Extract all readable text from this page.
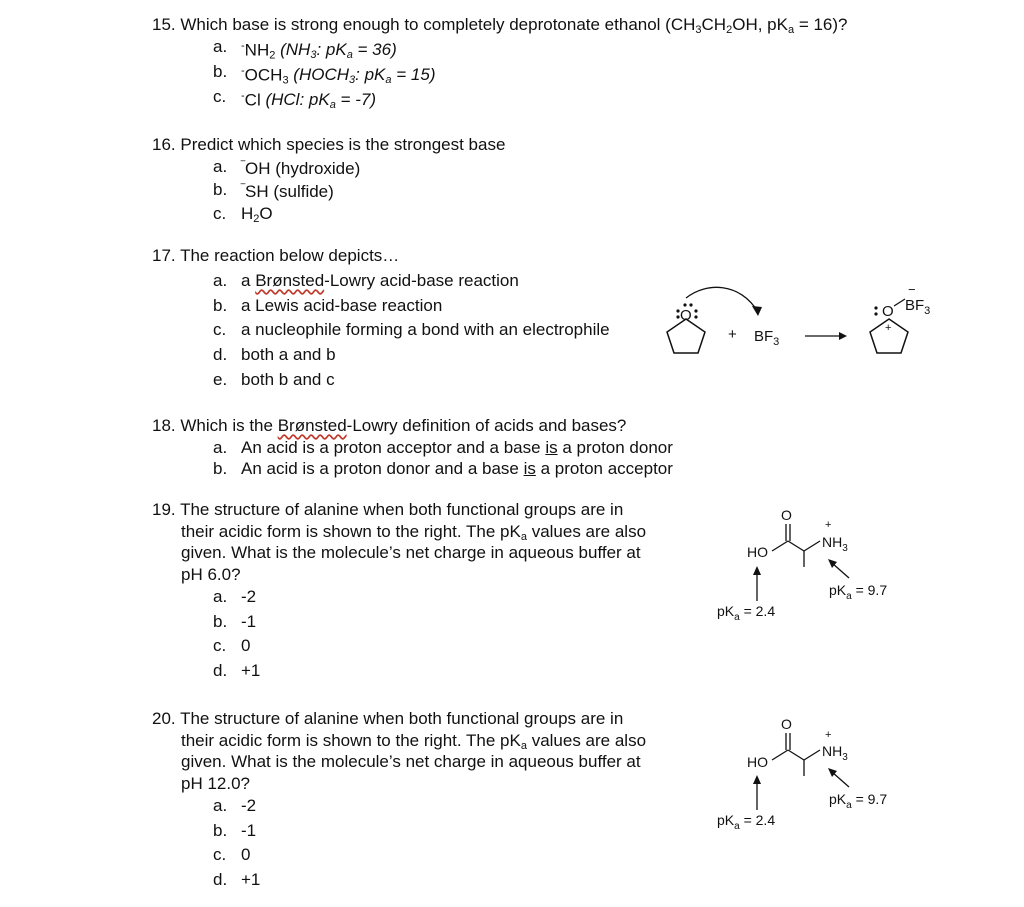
15. Which base is strong enough to completely deprotonate ethanol ($CH_3CH_2OH$, $pK_a = 16$)?
a.	$^-NH_2$ ($NH_3$: $pK_a = 36$)
b.	$^-OCH_3$ ($HOCH_3$: $pK_a = 15$)
c.	-Cl (HCl: $pK_a = -7$)
16. Predict which species is the strongest base
a.	‾OH (hydroxide)
b.	‾SH (sulfide)
c. $H_2O$
17. The reaction below depicts…
a. a Brønsted-Lowry acid-base reaction
b. a Lewis acid-base reaction
c. a nucleophile forming a bond with an electrophile
d. both a and b
e. both b and c
O
+ $BF_3$
O
+
−
$BF_3$
18. Which is the Brønsted-Lowry definition of acids and bases?
a. An acid is a proton acceptor and a base is a proton donor
b. An acid is a proton donor and a base is a proton acceptor
19. The structure of alanine when both functional groups are in
their acidic form is shown to the right. The $pK_a$ values are also
given. What is the molecule’s net charge in aqueous buffer at
pH 6.0?
a. -2
b. -1
c. 0
d. +1
O
HO
+
$NH_3$
$pK_a = 2.4$
$pK_a = 9.7$
20. The structure of alanine when both functional groups are in
their acidic form is shown to the right. The $pK_a$ values are also
given. What is the molecule’s net charge in aqueous buffer at
pH 12.0?
a. -2
b. -1
c. 0
d. +1
O
HO
+
$NH_3$
$pK_a = 2.4$
$pK_a = 9.7$
